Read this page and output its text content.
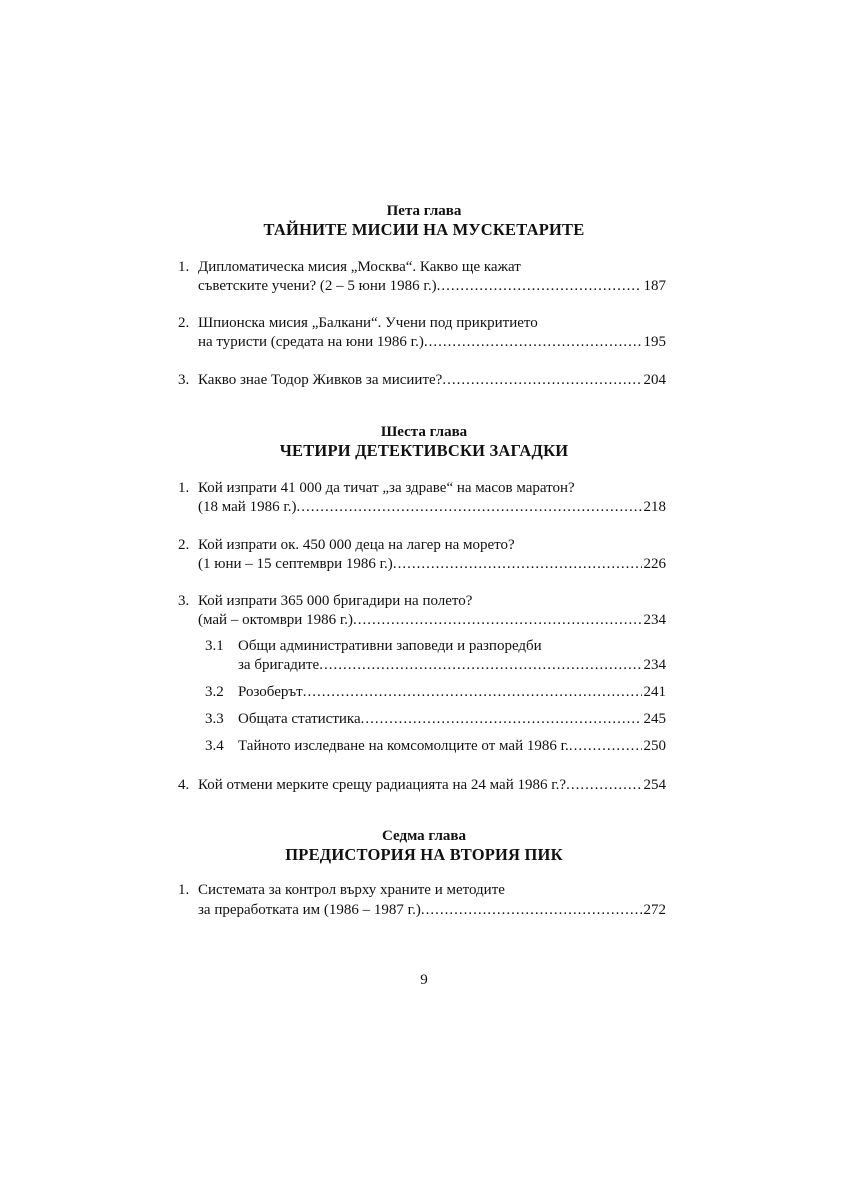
Пета глава
ТАЙНИТЕ МИСИИ НА МУСКЕТАРИТЕ
1. Дипломатическа мисия „Москва“. Какво ще кажат
съветските учени? (2 – 5 юни 1986 г.) .....	187
2. Шпионска мисия „Балкани“. Учени под прикритието
на туристи (средата на юни 1986 г.) .....	195
3. Какво знае Тодор Живков за мисиите? .....	204
Шеста глава
ЧЕТИРИ ДЕТЕКТИВСКИ ЗАГАДКИ
1. Кой изпрати 41 000 да тичат „за здраве“ на масов маратон?
(18 май 1986 г.) .....	218
2. Кой изпрати ок. 450 000 деца на лагер на морето?
(1 юни – 15 септември 1986 г.) .....	226
3. Кой изпрати 365 000 бригадири на полето?
(май – октомври 1986 г.) .....	234
3.1 Общи административни заповеди и разпоредби
за бригадите .....	234
3.2 Розоберът .....	241
3.3 Общата статистика .....	245
3.4 Тайното изследване на комсомолците от май 1986 г. .....	250
4. Кой отмени мерките срещу радиацията на 24 май 1986 г.? .....	254
Седма глава
ПРЕДИСТОРИЯ НА ВТОРИЯ ПИК
1. Системата за контрол върху храните и методите
за преработката им (1986 – 1987 г.) .....	272
9
